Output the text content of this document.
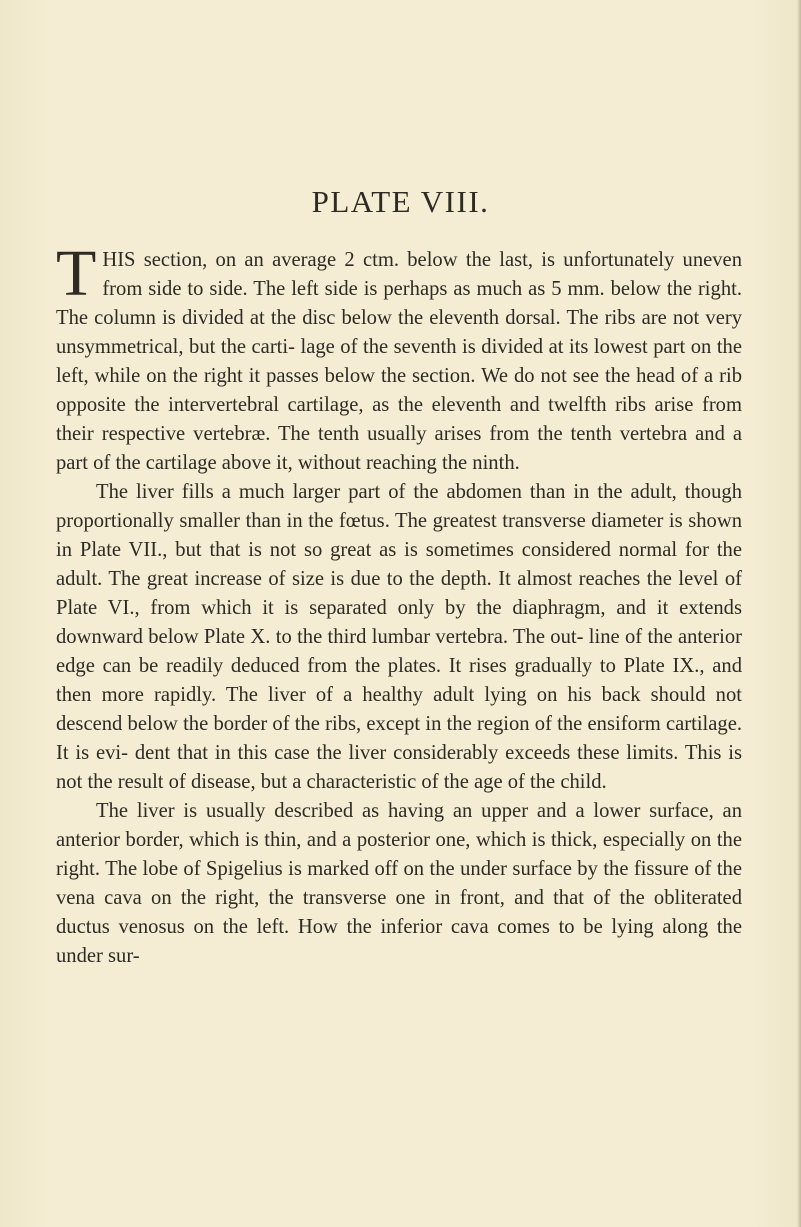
PLATE VIII.

THIS section, on an average 2 ctm. below the last, is unfortunately uneven from side to side. The left side is perhaps as much as 5 mm. below the right. The column is divided at the disc below the eleventh dorsal. The ribs are not very unsymmetrical, but the carti- lage of the seventh is divided at its lowest part on the left, while on the right it passes below the section. We do not see the head of a rib opposite the intervertebral cartilage, as the eleventh and twelfth ribs arise from their respective vertebræ. The tenth usually arises from the tenth vertebra and a part of the cartilage above it, without reaching the ninth.

The liver fills a much larger part of the abdomen than in the adult, though proportionally smaller than in the fœtus. The greatest transverse diameter is shown in Plate VII., but that is not so great as is sometimes considered normal for the adult. The great increase of size is due to the depth. It almost reaches the level of Plate VI., from which it is separated only by the diaphragm, and it extends downward below Plate X. to the third lumbar vertebra. The out- line of the anterior edge can be readily deduced from the plates. It rises gradually to Plate IX., and then more rapidly. The liver of a healthy adult lying on his back should not descend below the border of the ribs, except in the region of the ensiform cartilage. It is evi- dent that in this case the liver considerably exceeds these limits. This is not the result of disease, but a characteristic of the age of the child.

The liver is usually described as having an upper and a lower surface, an anterior border, which is thin, and a posterior one, which is thick, especially on the right. The lobe of Spigelius is marked off on the under surface by the fissure of the vena cava on the right, the transverse one in front, and that of the obliterated ductus venosus on the left. How the inferior cava comes to be lying along the under sur-
